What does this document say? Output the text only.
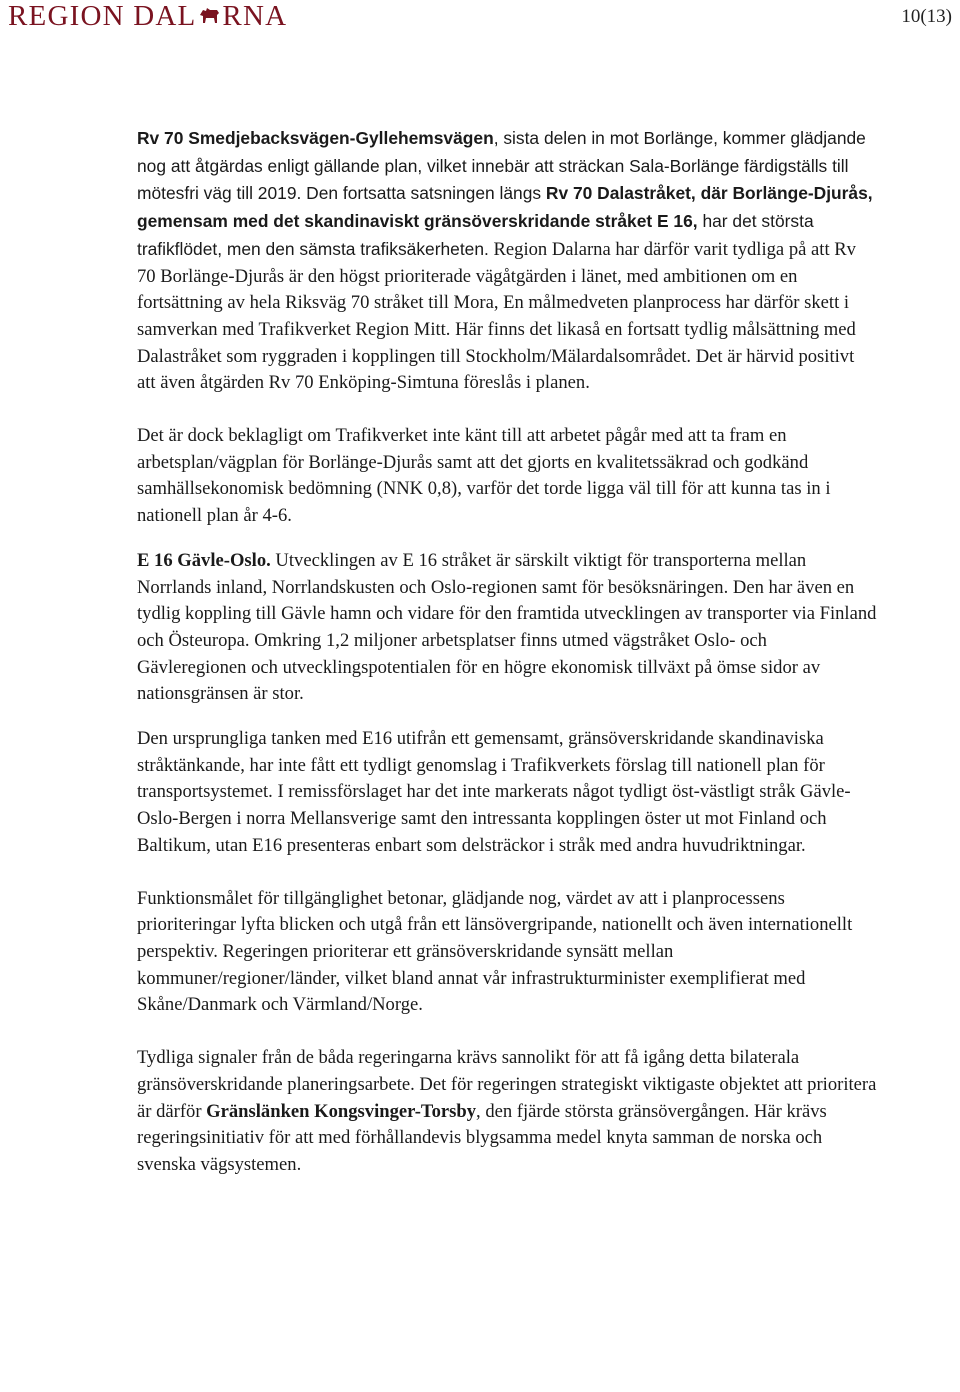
REGION DAL RNA	10(13)

Rv 70 Smedjebacksvägen-Gyllehemsvägen, sista delen in mot Borlänge, kommer glädjande nog att åtgärdas enligt gällande plan, vilket innebär att sträckan Sala-Borlänge färdigställs till mötesfri väg till 2019. Den fortsatta satsningen längs Rv 70 Dalastråket, där Borlänge-Djurås, gemensam med det skandinaviskt gränsöverskridande stråket E 16, har det största trafikflödet, men den sämsta trafiksäkerheten. Region Dalarna har därför varit tydliga på att Rv 70 Borlänge-Djurås är den högst prioriterade vägåtgärden i länet, med ambitionen om en fortsättning av hela Riksväg 70 stråket till Mora, En målmedveten planprocess har därför skett i samverkan med Trafikverket Region Mitt. Här finns det likaså en fortsatt tydlig målsättning med Dalastråket som ryggraden i kopplingen till Stockholm/Mälardalsområdet. Det är härvid positivt att även åtgärden Rv 70 Enköping-Simtuna föreslås i planen.

Det är dock beklagligt om Trafikverket inte känt till att arbetet pågår med att ta fram en arbetsplan/vägplan för Borlänge-Djurås samt att det gjorts en kvalitetssäkrad och godkänd samhällsekonomisk bedömning (NNK 0,8), varför det torde ligga väl till för att kunna tas in i nationell plan år 4-6.

E 16 Gävle-Oslo. Utvecklingen av E 16 stråket är särskilt viktigt för transporterna mellan Norrlands inland, Norrlandskusten och Oslo-regionen samt för besöksnäringen. Den har även en tydlig koppling till Gävle hamn och vidare för den framtida utvecklingen av transporter via Finland och Östeuropa. Omkring 1,2 miljoner arbetsplatser finns utmed vägstråket Oslo- och Gävleregionen och utvecklingspotentialen för en högre ekonomisk tillväxt på ömse sidor av nationsgränsen är stor.

Den ursprungliga tanken med E16 utifrån ett gemensamt, gränsöverskridande skandinaviska stråktänkande, har inte fått ett tydligt genomslag i Trafikverkets förslag till nationell plan för transportsystemet. I remissförslaget har det inte markerats något tydligt öst-västligt stråk Gävle-Oslo-Bergen i norra Mellansverige samt den intressanta kopplingen öster ut mot Finland och Baltikum, utan E16 presenteras enbart som delsträckor i stråk med andra huvudriktningar.

Funktionsmålet för tillgänglighet betonar, glädjande nog, värdet av att i planprocessens prioriteringar lyfta blicken och utgå från ett länsövergripande, nationellt och även internationellt perspektiv. Regeringen prioriterar ett gränsöverskridande synsätt mellan kommuner/regioner/länder, vilket bland annat vår infrastrukturminister exemplifierat med Skåne/Danmark och Värmland/Norge.

Tydliga signaler från de båda regeringarna krävs sannolikt för att få igång detta bilaterala gränsöverskridande planeringsarbete. Det för regeringen strategiskt viktigaste objektet att prioritera är därför Gränslänken Kongsvinger-Torsby, den fjärde största gränsövergången. Här krävs regeringsinitiativ för att med förhållandevis blygsamma medel knyta samman de norska och svenska vägsystemen.
